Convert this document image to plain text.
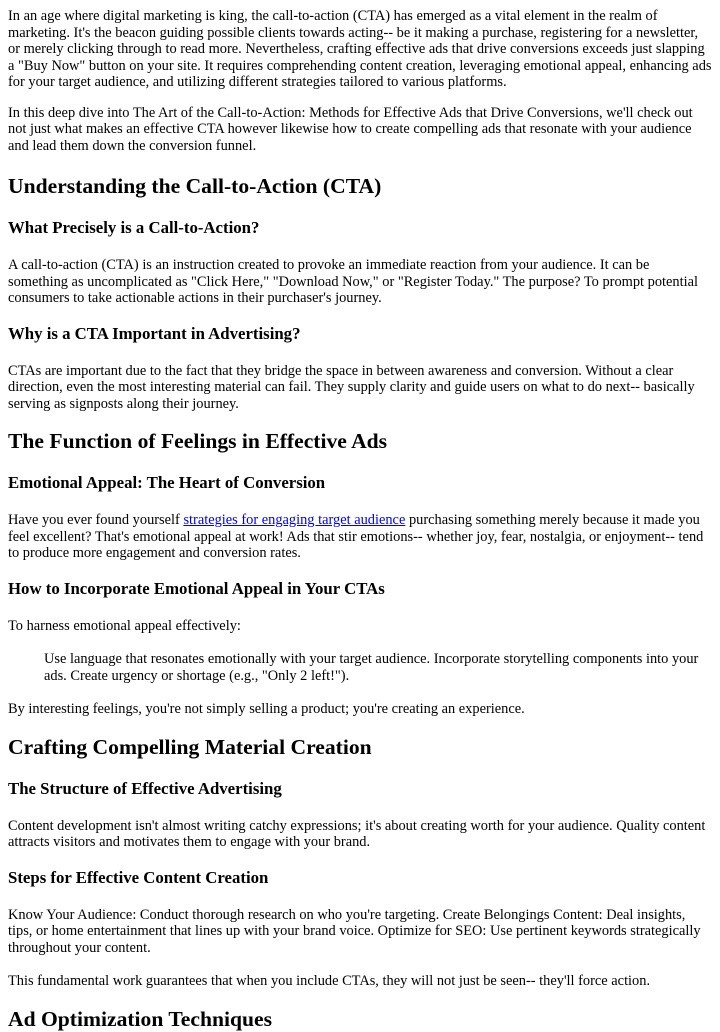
In an age where digital marketing is king, the call-to-action (CTA) has emerged as a vital element in the realm of marketing. It's the beacon guiding possible clients towards acting-- be it making a purchase, registering for a newsletter, or merely clicking through to read more. Nevertheless, crafting effective ads that drive conversions exceeds just slapping a "Buy Now" button on your site. It requires comprehending content creation, leveraging emotional appeal, enhancing ads for your target audience, and utilizing different strategies tailored to various platforms.

In this deep dive into The Art of the Call-to-Action: Methods for Effective Ads that Drive Conversions, we'll check out not just what makes an effective CTA however likewise how to create compelling ads that resonate with your audience and lead them down the conversion funnel.

Understanding the Call-to-Action (CTA)
What Precisely is a Call-to-Action?

A call-to-action (CTA) is an instruction created to provoke an immediate reaction from your audience. It can be something as uncomplicated as "Click Here," "Download Now," or "Register Today." The purpose? To prompt potential consumers to take actionable actions in their purchaser's journey.

Why is a CTA Important in Advertising?

CTAs are important due to the fact that they bridge the space in between awareness and conversion. Without a clear direction, even the most interesting material can fail. They supply clarity and guide users on what to do next-- basically serving as signposts along their journey.

The Function of Feelings in Effective Ads
Emotional Appeal: The Heart of Conversion

Have you ever found yourself strategies for engaging target audience purchasing something merely because it made you feel excellent? That's emotional appeal at work! Ads that stir emotions-- whether joy, fear, nostalgia, or enjoyment-- tend to produce more engagement and conversion rates.

How to Incorporate Emotional Appeal in Your CTAs

To harness emotional appeal effectively:

Use language that resonates emotionally with your target audience. Incorporate storytelling components into your ads. Create urgency or shortage (e.g., "Only 2 left!").

By interesting feelings, you're not simply selling a product; you're creating an experience.

Crafting Compelling Material Creation
The Structure of Effective Advertising

Content development isn't almost writing catchy expressions; it's about creating worth for your audience. Quality content attracts visitors and motivates them to engage with your brand.

Steps for Effective Content Creation

Know Your Audience: Conduct thorough research on who you're targeting. Create Belongings Content: Deal insights, tips, or home entertainment that lines up with your brand voice. Optimize for SEO: Use pertinent keywords strategically throughout your content.

This fundamental work guarantees that when you include CTAs, they will not just be seen-- they'll force action.

Ad Optimization Techniques
